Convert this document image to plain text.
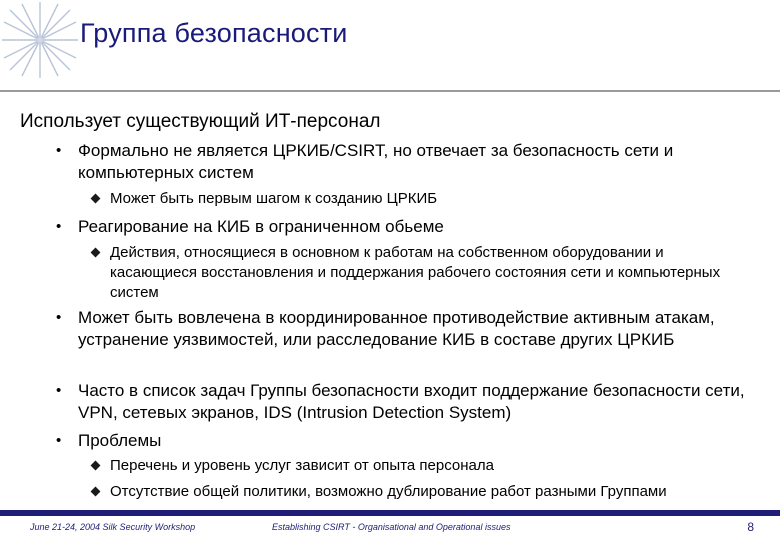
Группа безопасности
Использует существующий ИТ-персонал
• Формально не является ЦРКИБ/CSIRT, но отвечает за безопасность сети и компьютерных систем
Может быть первым шагом к созданию ЦРКИБ
• Реагирование на КИБ в ограниченном обьеме
Действия, относящиеся в основном к работам на собственном оборудовании и касающиеся восстановления и поддержания рабочего состояния сети и компьютерных систем
• Может быть вовлечена в координированное противодействие активным атакам, устранение уязвимостей, или расследование КИБ в составе других ЦРКИБ
• Часто в список задач Группы безопасности входит поддержание безопасности сети, VPN, сетевых экранов, IDS (Intrusion Detection System)
• Проблемы
Перечень и уровень услуг зависит от опыта персонала
Отсутствие общей политики, возможно дублирование работ разными Группами
June 21-24, 2004 Silk Security Workshop	Establishing CSIRT - Organisational and Operational issues	8
